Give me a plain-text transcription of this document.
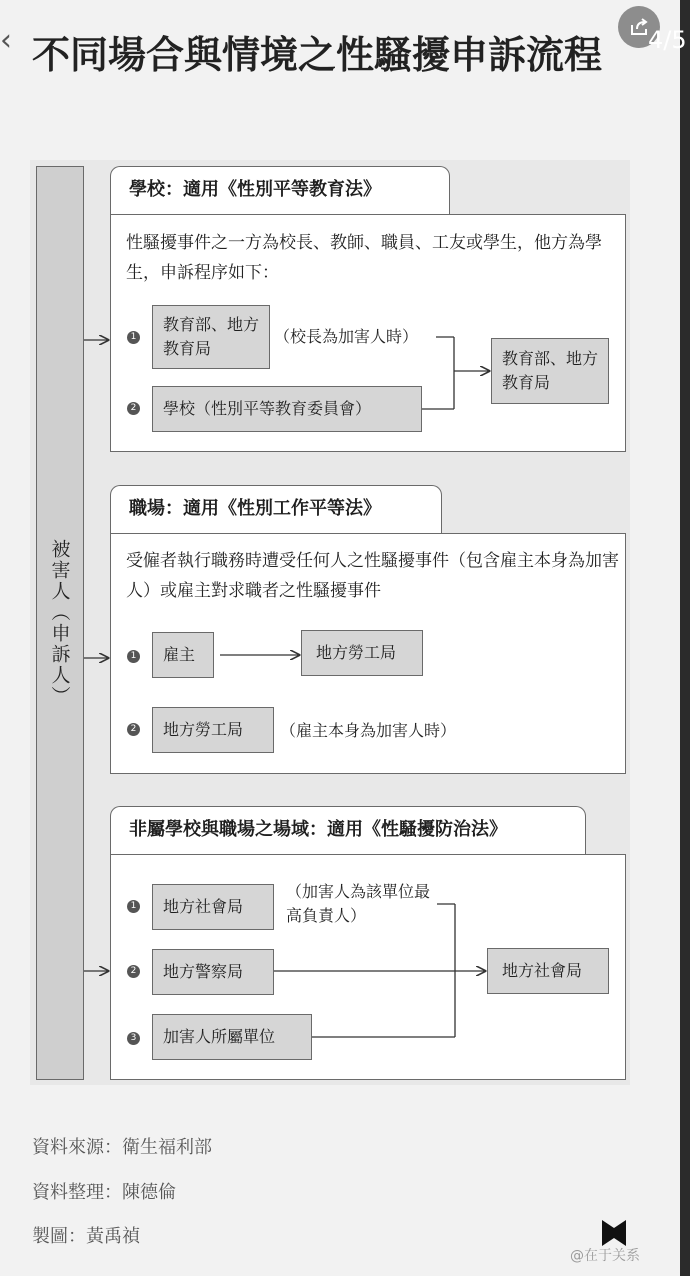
‹	4/5
不同場合與情境之性騷擾申訴流程
被害人（申訴人）
學校：適用《性別平等教育法》
性騷擾事件之一方為校長、教師、職員、工友或學生，他方為學生，申訴程序如下：
1
教育部、地方教育局
（校長為加害人時）
2	學校（性別平等教育委員會）
教育部、地方教育局
職場：適用《性別工作平等法》
受僱者執行職務時遭受任何人之性騷擾事件（包含雇主本身為加害人）或雇主對求職者之性騷擾事件
1	雇主	地方勞工局
2	地方勞工局	（雇主本身為加害人時）
非屬學校與職場之場域：適用《性騷擾防治法》
1	地方社會局
（加害人為該單位最高負責人）
2	地方警察局
3	加害人所屬單位
地方社會局
資料來源：衛生福利部
資料整理：陳德倫
製圖：黃禹禎
@在于关系
